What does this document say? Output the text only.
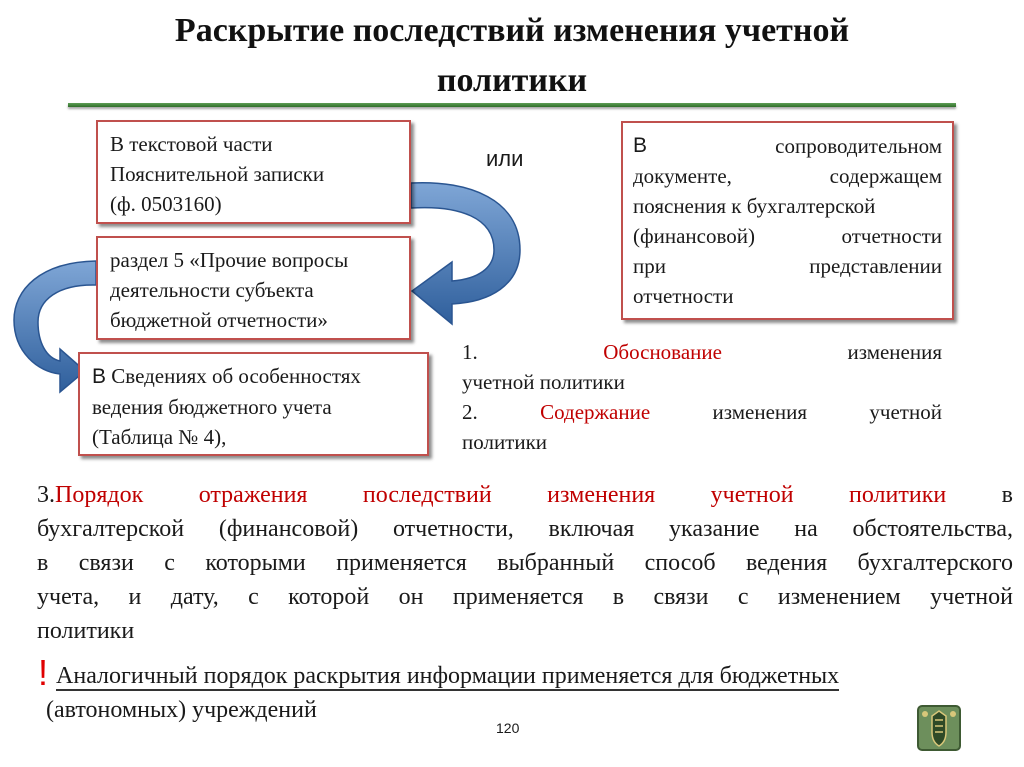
Раскрытие последствий изменения учетной
политики
В текстовой части
Пояснительной записки
(ф. 0503160)
раздел 5 «Прочие вопросы
деятельности субъекта
бюджетной отчетности»
В Сведениях об особенностях
ведения бюджетного учета
(Таблица № 4),
или
В	сопроводительном
документе,	содержащем
пояснения к бухгалтерской
(финансовой)	отчетности
при	представлении
отчетности
1.	Обоснование	изменения
учетной политики
2.	Содержание	изменения	учетной
политики
3.Порядок отражения последствий изменения учетной политики в
бухгалтерской (финансовой) отчетности, включая указание на обстоятельства,
в связи с которыми применяется выбранный способ ведения бухгалтерского
учета, и дату, с которой он применяется в связи с изменением учетной
политики
! Аналогичный порядок раскрытия информации применяется для бюджетных
(автономных) учреждений
120
